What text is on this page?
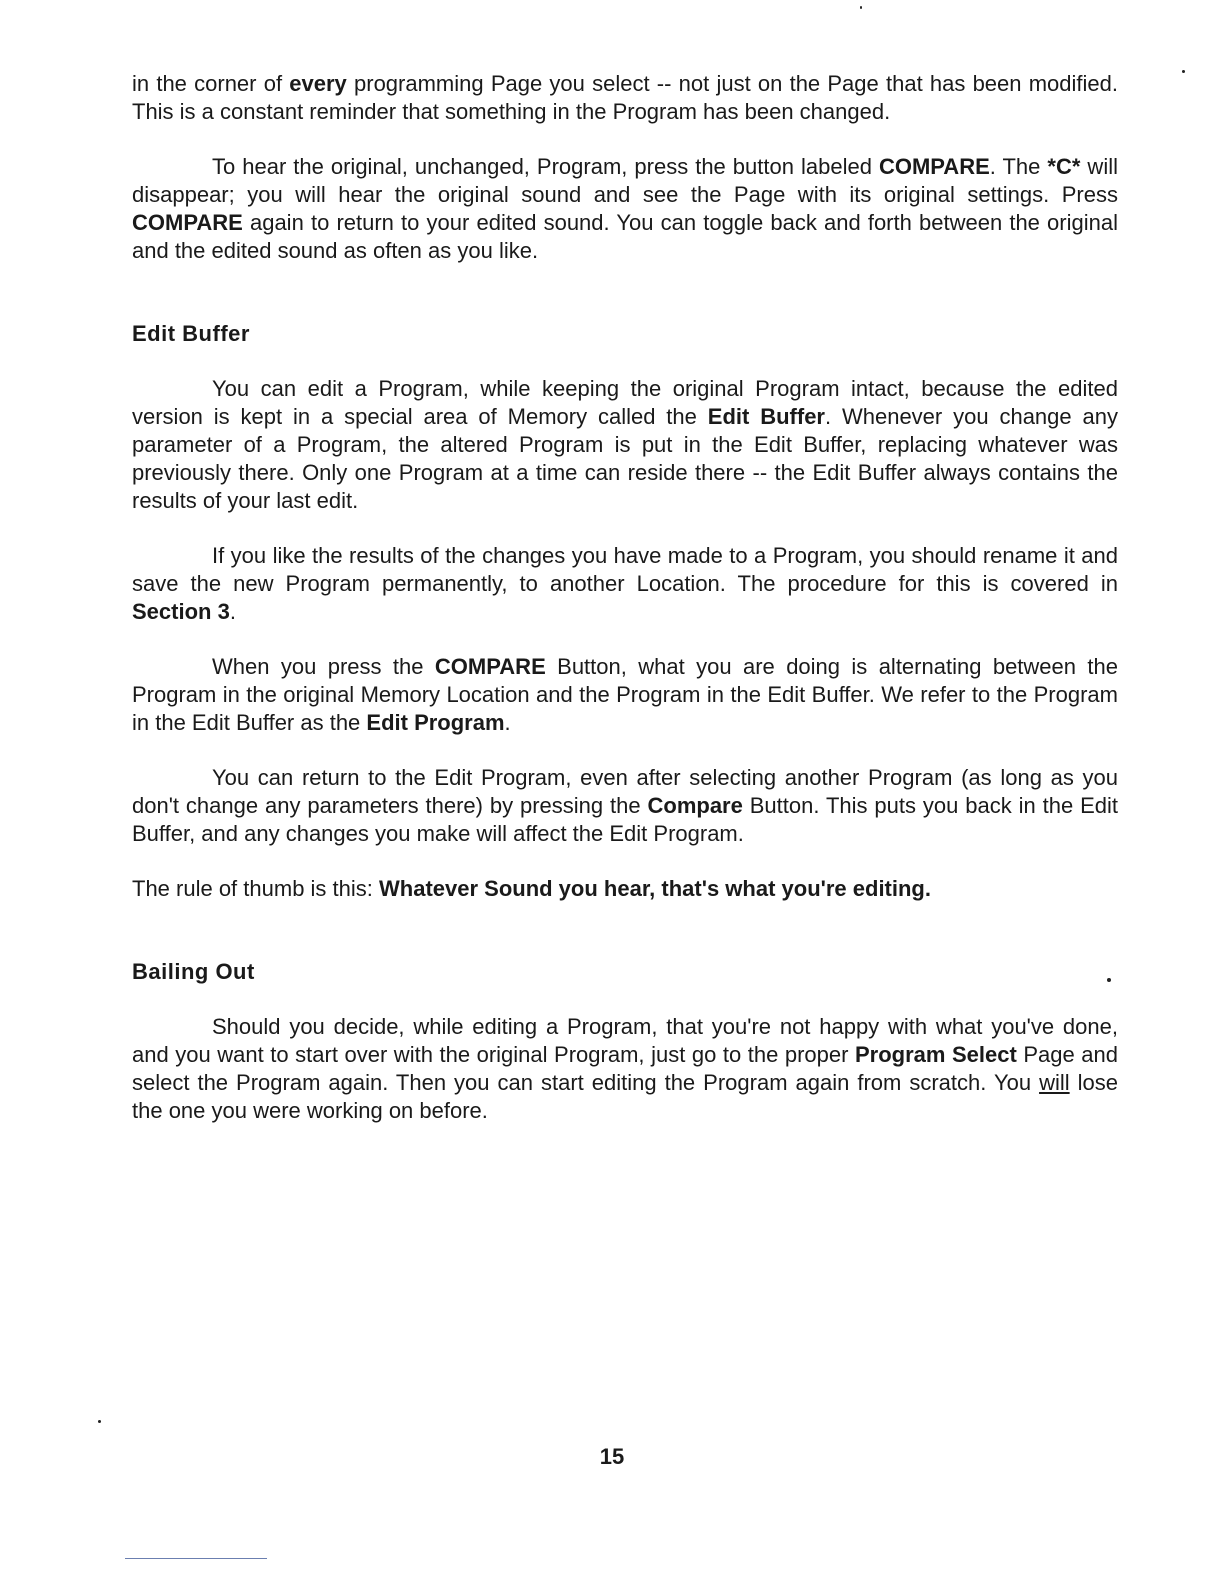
in the corner of every programming Page you select -- not just on the Page that has been modified. This is a constant reminder that something in the Program has been changed.

To hear the original, unchanged, Program, press the button labeled COMPARE. The *C* will disappear; you will hear the original sound and see the Page with its original settings. Press COMPARE again to return to your edited sound. You can toggle back and forth between the original and the edited sound as often as you like.

Edit Buffer

You can edit a Program, while keeping the original Program intact, because the edited version is kept in a special area of Memory called the Edit Buffer. Whenever you change any parameter of a Program, the altered Program is put in the Edit Buffer, replacing whatever was previously there. Only one Program at a time can reside there -- the Edit Buffer always contains the results of your last edit.

If you like the results of the changes you have made to a Program, you should rename it and save the new Program permanently, to another Location. The procedure for this is covered in Section 3.

When you press the COMPARE Button, what you are doing is alternating between the Program in the original Memory Location and the Program in the Edit Buffer. We refer to the Program in the Edit Buffer as the Edit Program.

You can return to the Edit Program, even after selecting another Program (as long as you don't change any parameters there) by pressing the Compare Button. This puts you back in the Edit Buffer, and any changes you make will affect the Edit Program.

The rule of thumb is this: Whatever Sound you hear, that's what you're editing.

Bailing Out

Should you decide, while editing a Program, that you're not happy with what you've done, and you want to start over with the original Program, just go to the proper Program Select Page and select the Program again. Then you can start editing the Program again from scratch. You will lose the one you were working on before.

15
